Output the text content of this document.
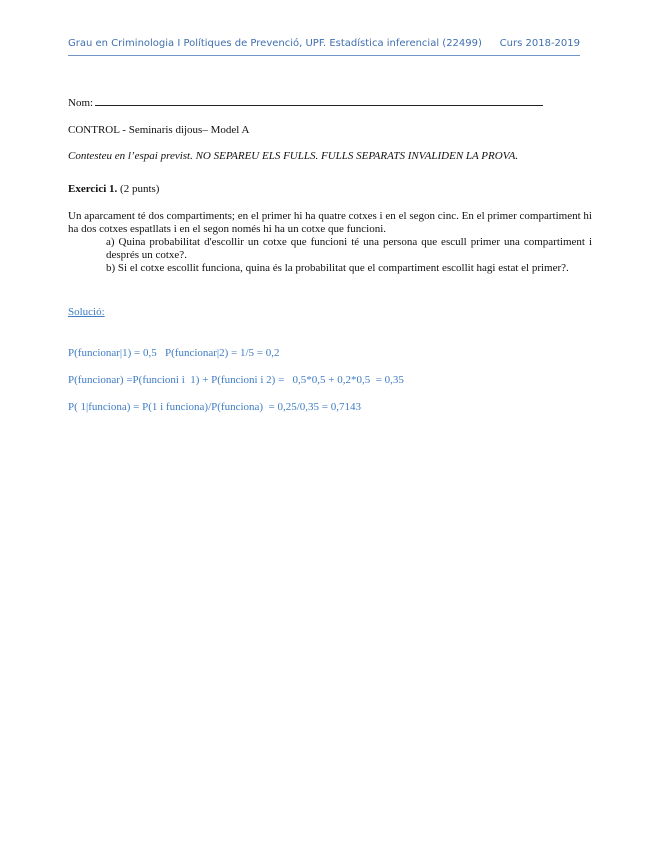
Grau en Criminologia I Polítiques de Prevenció, UPF. Estadística inferencial (22499) Curs 2018-2019
Nom:
CONTROL - Seminaris dijous– Model A
Contesteu en l’espai previst. NO SEPAREU ELS FULLS. FULLS SEPARATS INVALIDEN LA PROVA.
Exercici 1. (2 punts)

Un aparcament té dos compartiments; en el primer hi ha quatre cotxes i en el segon cinc. En el primer compartiment hi ha dos cotxes espatllats i en el segon només hi ha un cotxe que funcioni.

a) Quina probabilitat d'escollir un cotxe que funcioni té una persona que escull primer una compartiment i després un cotxe?.

b) Si el cotxe escollit funciona, quina és la probabilitat que el compartiment escollit hagi estat el primer?.

Solució:
P(funcionar|1) = 0,5   P(funcionar|2) = 1/5 = 0,2
P(funcionar) =P(funcioni i  1) + P(funcioni i 2) =   0,5*0,5 + 0,2*0,5  = 0,35
P( 1|funciona) = P(1 i funciona)/P(funciona)  = 0,25/0,35 = 0,7143
